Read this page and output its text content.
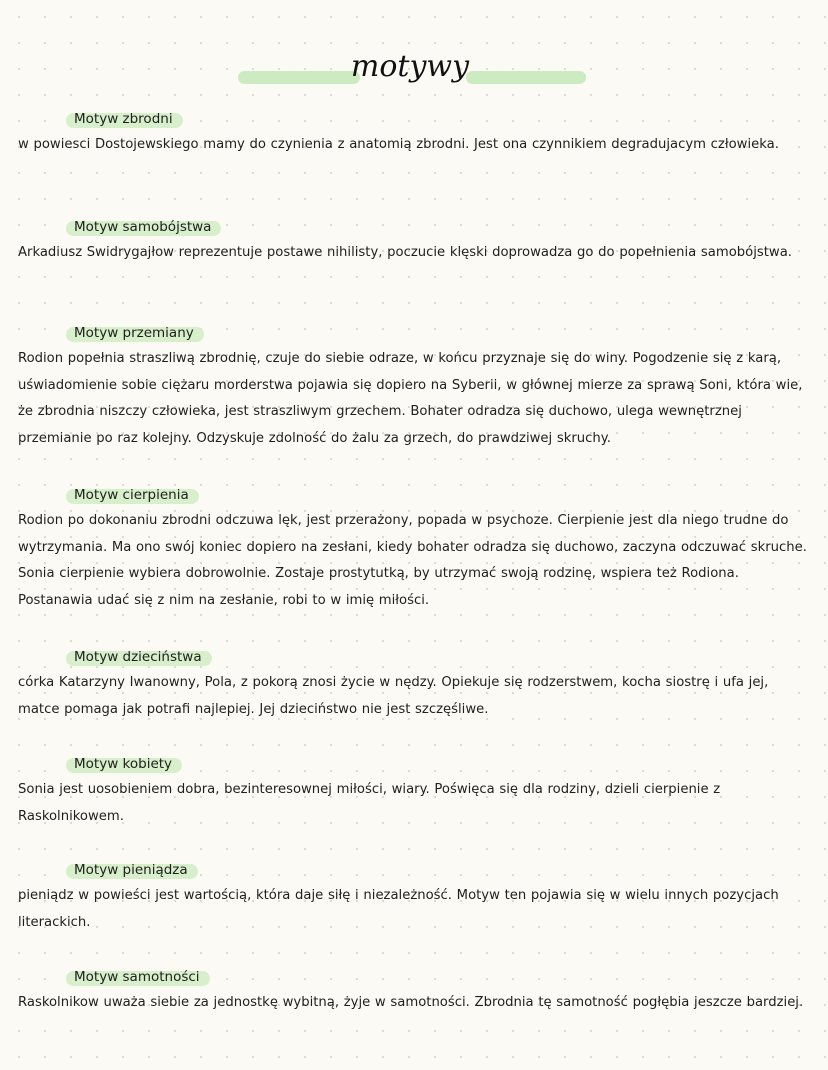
motywy
Motyw zbrodni

w powiesci Dostojewskiego mamy do czynienia z anatomią zbrodni. Jest ona czynnikiem degradujacym człowieka.

Motyw samobójstwa

Arkadiusz Swidrygajłow reprezentuje postawe nihilisty, poczucie klęski doprowadza go do popełnienia samobójstwa.

Motyw przemiany

Rodion popełnia straszliwą zbrodnię, czuje do siebie odraze, w końcu przyznaje się do winy. Pogodzenie się z karą, uświadomienie sobie ciężaru morderstwa pojawia się dopiero na Syberii, w głównej mierze za sprawą Soni, która wie, że zbrodnia niszczy człowieka, jest straszliwym grzechem. Bohater odradza się duchowo, ulega wewnętrznej przemianie po raz kolejny. Odzyskuje zdolność do żalu za grzech, do prawdziwej skruchy.

Motyw cierpienia

Rodion po dokonaniu zbrodni odczuwa lęk, jest przerażony, popada w psychoze. Cierpienie jest dla niego trudne do wytrzymania. Ma ono swój koniec dopiero na zesłani, kiedy bohater odradza się duchowo, zaczyna odczuwać skruche. Sonia cierpienie wybiera dobrowolnie. Zostaje prostytutką, by utrzymać swoją rodzinę, wspiera też Rodiona. Postanawia udać się z nim na zesłanie, robi to w imię miłości.

Motyw dzieciństwa

córka Katarzyny Iwanowny, Pola, z pokorą znosi życie w nędzy. Opiekuje się rodzerstwem, kocha siostrę i ufa jej, matce pomaga jak potrafi najlepiej. Jej dzieciństwo nie jest szczęśliwe.

Motyw kobiety

Sonia jest uosobieniem dobra, bezinteresownej miłości, wiary. Poświęca się dla rodziny, dzieli cierpienie z Raskolnikowem.

Motyw pieniądza

pieniądz w powieści jest wartością, która daje siłę i niezależność. Motyw ten pojawia się w wielu innych pozycjach literackich.

Motyw samotności

Raskolnikow uważa siebie za jednostkę wybitną, żyje w samotności. Zbrodnia tę samotność pogłębia jeszcze bardziej.
